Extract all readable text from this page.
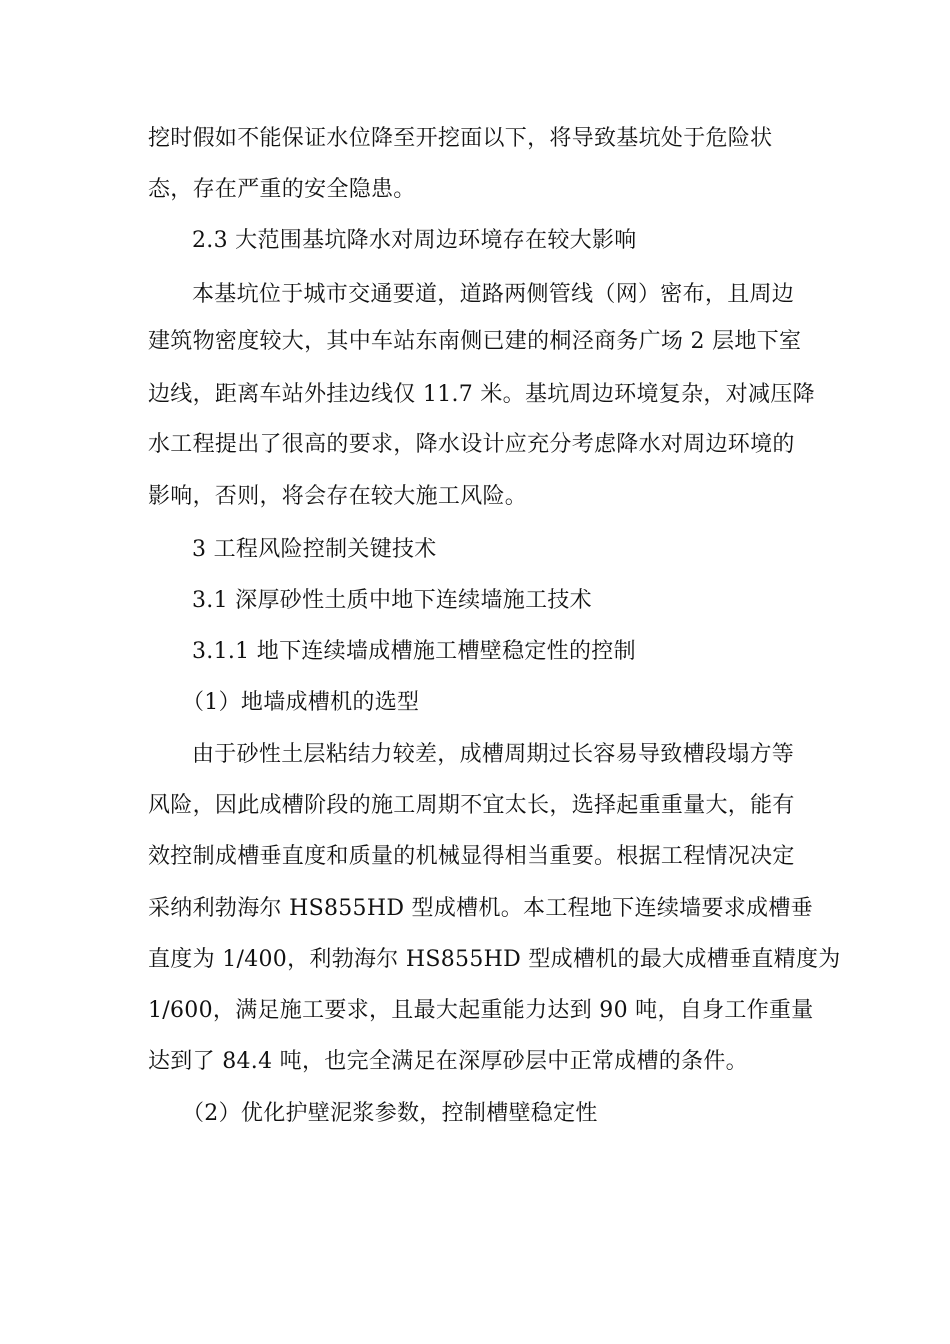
挖时假如不能保证水位降至开挖面以下，将导致基坑处于危险状
态，存在严重的安全隐患。
2.3 大范围基坑降水对周边环境存在较大影响
本基坑位于城市交通要道，道路两侧管线（网）密布，且周边
建筑物密度较大，其中车站东南侧已建的桐泾商务广场 2 层地下室
边线，距离车站外挂边线仅 11.7 米。基坑周边环境复杂，对减压降
水工程提出了很高的要求，降水设计应充分考虑降水对周边环境的
影响，否则，将会存在较大施工风险。
3 工程风险控制关键技术
3.1 深厚砂性土质中地下连续墙施工技术
3.1.1 地下连续墙成槽施工槽壁稳定性的控制
（1）地墙成槽机的选型
由于砂性土层粘结力较差，成槽周期过长容易导致槽段塌方等
风险，因此成槽阶段的施工周期不宜太长，选择起重重量大，能有
效控制成槽垂直度和质量的机械显得相当重要。根据工程情况决定
采纳利勃海尔 HS855HD 型成槽机。本工程地下连续墙要求成槽垂
直度为 1/400，利勃海尔 HS855HD 型成槽机的最大成槽垂直精度为
1/600，满足施工要求，且最大起重能力达到 90 吨，自身工作重量
达到了 84.4 吨，也完全满足在深厚砂层中正常成槽的条件。
（2）优化护壁泥浆参数，控制槽壁稳定性
